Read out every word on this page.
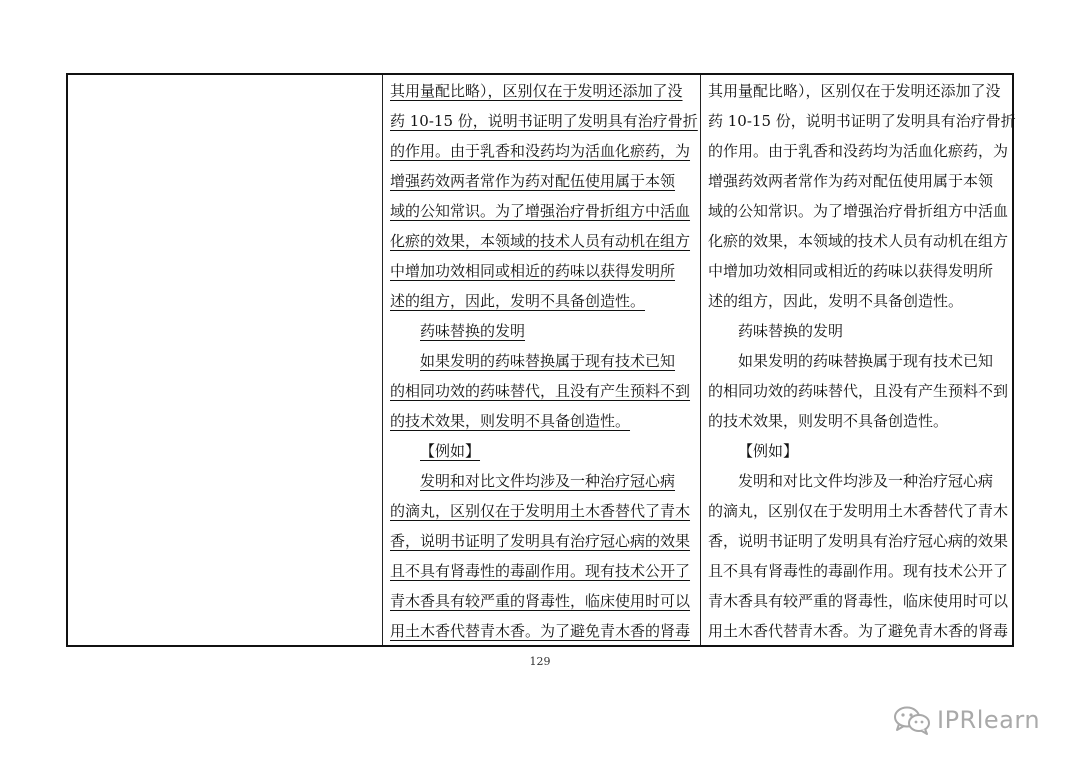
其用量配比略），区别仅在于发明还添加了没
药 10-15 份，说明书证明了发明具有治疗骨折
的作用。由于乳香和没药均为活血化瘀药，为
增强药效两者常作为药对配伍使用属于本领
域的公知常识。为了增强治疗骨折组方中活血
化瘀的效果，本领域的技术人员有动机在组方
中增加功效相同或相近的药味以获得发明所
述的组方，因此，发明不具备创造性。
药味替换的发明
如果发明的药味替换属于现有技术已知
的相同功效的药味替代，且没有产生预料不到
的技术效果，则发明不具备创造性。
【例如】
发明和对比文件均涉及一种治疗冠心病
的滴丸，区别仅在于发明用土木香替代了青木
香，说明书证明了发明具有治疗冠心病的效果
且不具有肾毒性的毒副作用。现有技术公开了
青木香具有较严重的肾毒性，临床使用时可以
用土木香代替青木香。为了避免青木香的肾毒
其用量配比略），区别仅在于发明还添加了没
药 10-15 份，说明书证明了发明具有治疗骨折
的作用。由于乳香和没药均为活血化瘀药，为
增强药效两者常作为药对配伍使用属于本领
域的公知常识。为了增强治疗骨折组方中活血
化瘀的效果，本领域的技术人员有动机在组方
中增加功效相同或相近的药味以获得发明所
述的组方，因此，发明不具备创造性。
药味替换的发明
如果发明的药味替换属于现有技术已知
的相同功效的药味替代，且没有产生预料不到
的技术效果，则发明不具备创造性。
【例如】
发明和对比文件均涉及一种治疗冠心病
的滴丸，区别仅在于发明用土木香替代了青木
香，说明书证明了发明具有治疗冠心病的效果
且不具有肾毒性的毒副作用。现有技术公开了
青木香具有较严重的肾毒性，临床使用时可以
用土木香代替青木香。为了避免青木香的肾毒
129
IPRlearn
